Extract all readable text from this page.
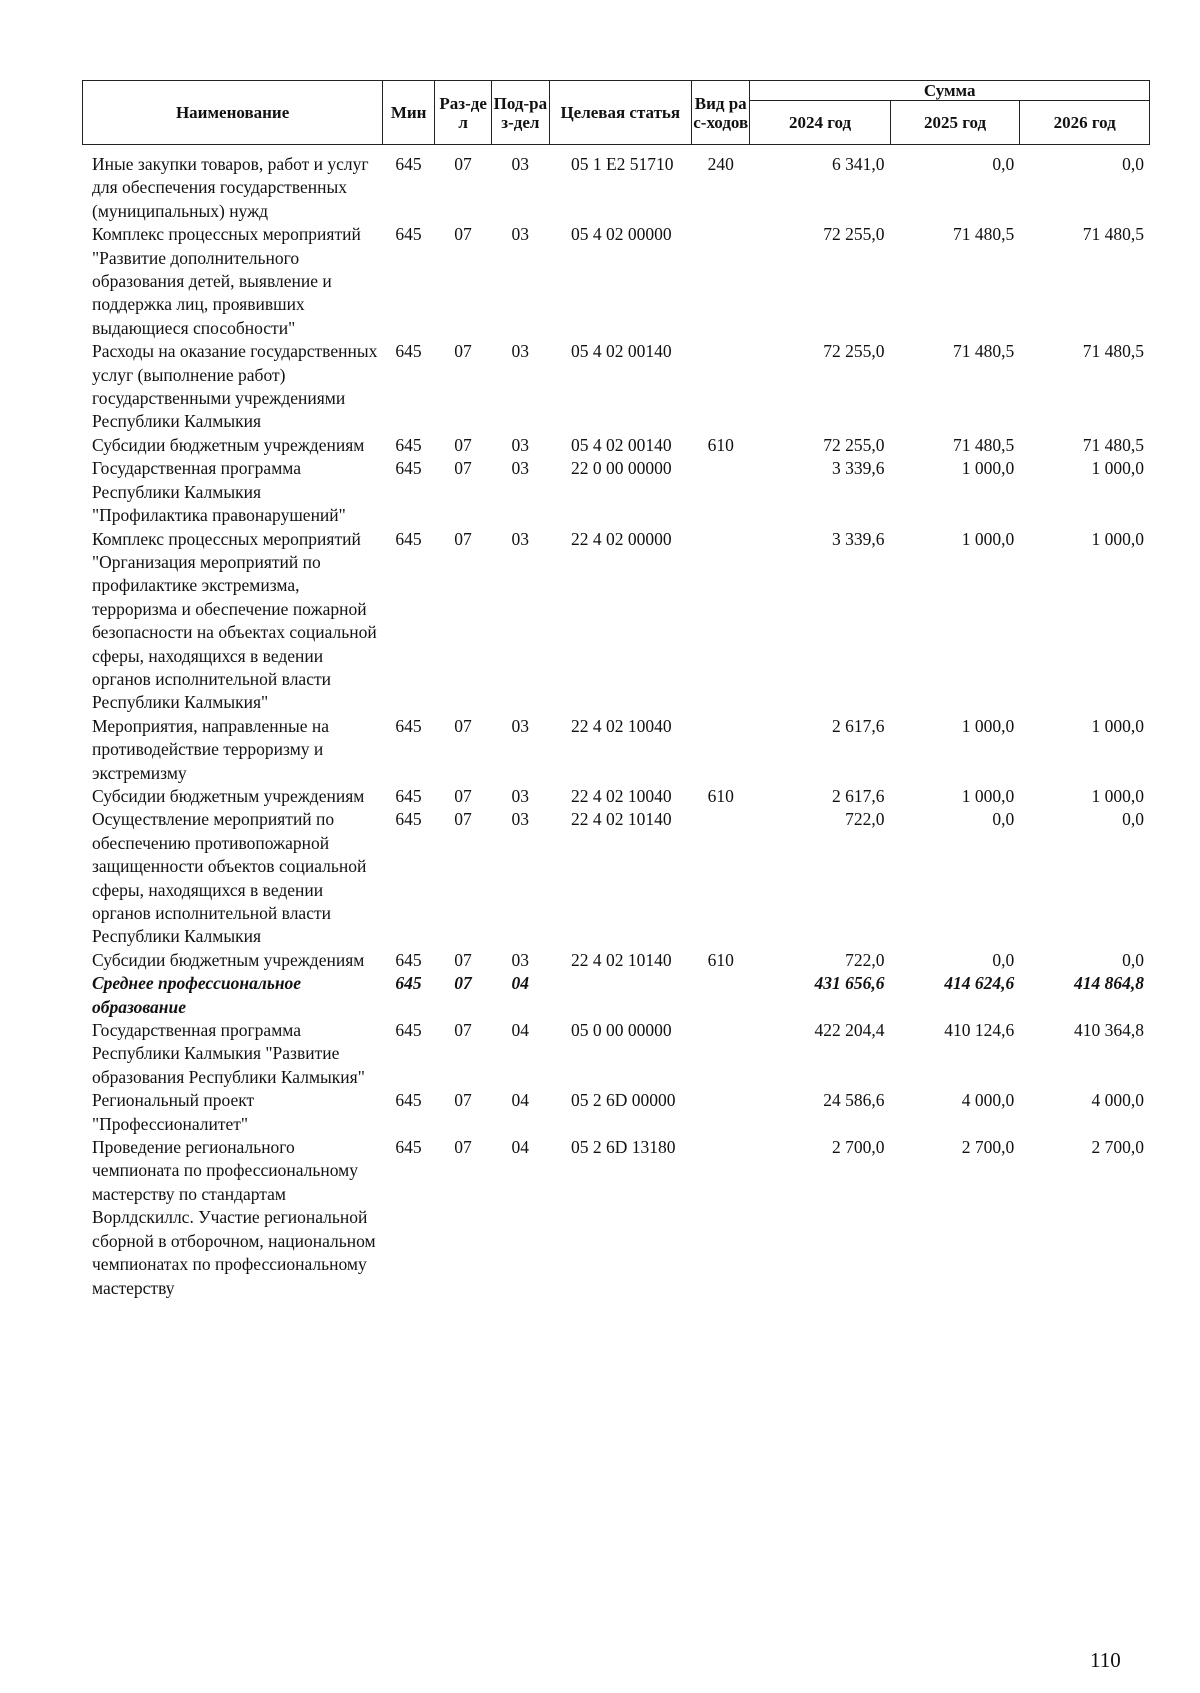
Наименование	Мин	Раз-дел	Под-раз-дел	Целевая статья	Вид рас-ходов	Сумма		
						2024 год	2025 год	2026 год
Иные закупки товаров, работ и услуг для обеспечения государственных (муниципальных) нужд	645	07	03	05 1 E2 51710	240	6 341,0	0,0	0,0
Комплекс процессных мероприятий "Развитие дополнительного образования детей, выявление и поддержка лиц, проявивших выдающиеся способности"	645	07	03	05 4 02 00000		72 255,0	71 480,5	71 480,5
Расходы на оказание государственных услуг (выполнение работ) государственными учреждениями Республики Калмыкия	645	07	03	05 4 02 00140		72 255,0	71 480,5	71 480,5
Субсидии бюджетным учреждениям	645	07	03	05 4 02 00140	610	72 255,0	71 480,5	71 480,5
Государственная программа Республики Калмыкия "Профилактика правонарушений"	645	07	03	22 0 00 00000		3 339,6	1 000,0	1 000,0
Комплекс процессных мероприятий "Организация мероприятий по профилактике экстремизма, терроризма и обеспечение пожарной безопасности на объектах социальной сферы, находящихся в ведении органов исполнительной власти Республики Калмыкия"	645	07	03	22 4 02 00000		3 339,6	1 000,0	1 000,0
Мероприятия, направленные на противодействие терроризму и экстремизму	645	07	03	22 4 02 10040		2 617,6	1 000,0	1 000,0
Субсидии бюджетным учреждениям	645	07	03	22 4 02 10040	610	2 617,6	1 000,0	1 000,0
Осуществление мероприятий по обеспечению противопожарной защищенности объектов социальной сферы, находящихся в ведении органов исполнительной власти Республики Калмыкия	645	07	03	22 4 02 10140		722,0	0,0	0,0
Субсидии бюджетным учреждениям	645	07	03	22 4 02 10140	610	722,0	0,0	0,0
Среднее профессиональное образование	645	07	04			431 656,6	414 624,6	414 864,8
Государственная программа Республики Калмыкия "Развитие образования Республики Калмыкия"	645	07	04	05 0 00 00000		422 204,4	410 124,6	410 364,8
Региональный проект "Профессионалитет"	645	07	04	05 2 6D 00000		24 586,6	4 000,0	4 000,0
Проведение регионального чемпионата по профессиональному мастерству по стандартам Ворлдскиллс. Участие региональной сборной в отборочном, национальном чемпионатах по профессиональному мастерству	645	07	04	05 2 6D 13180		2 700,0	2 700,0	2 700,0
110
